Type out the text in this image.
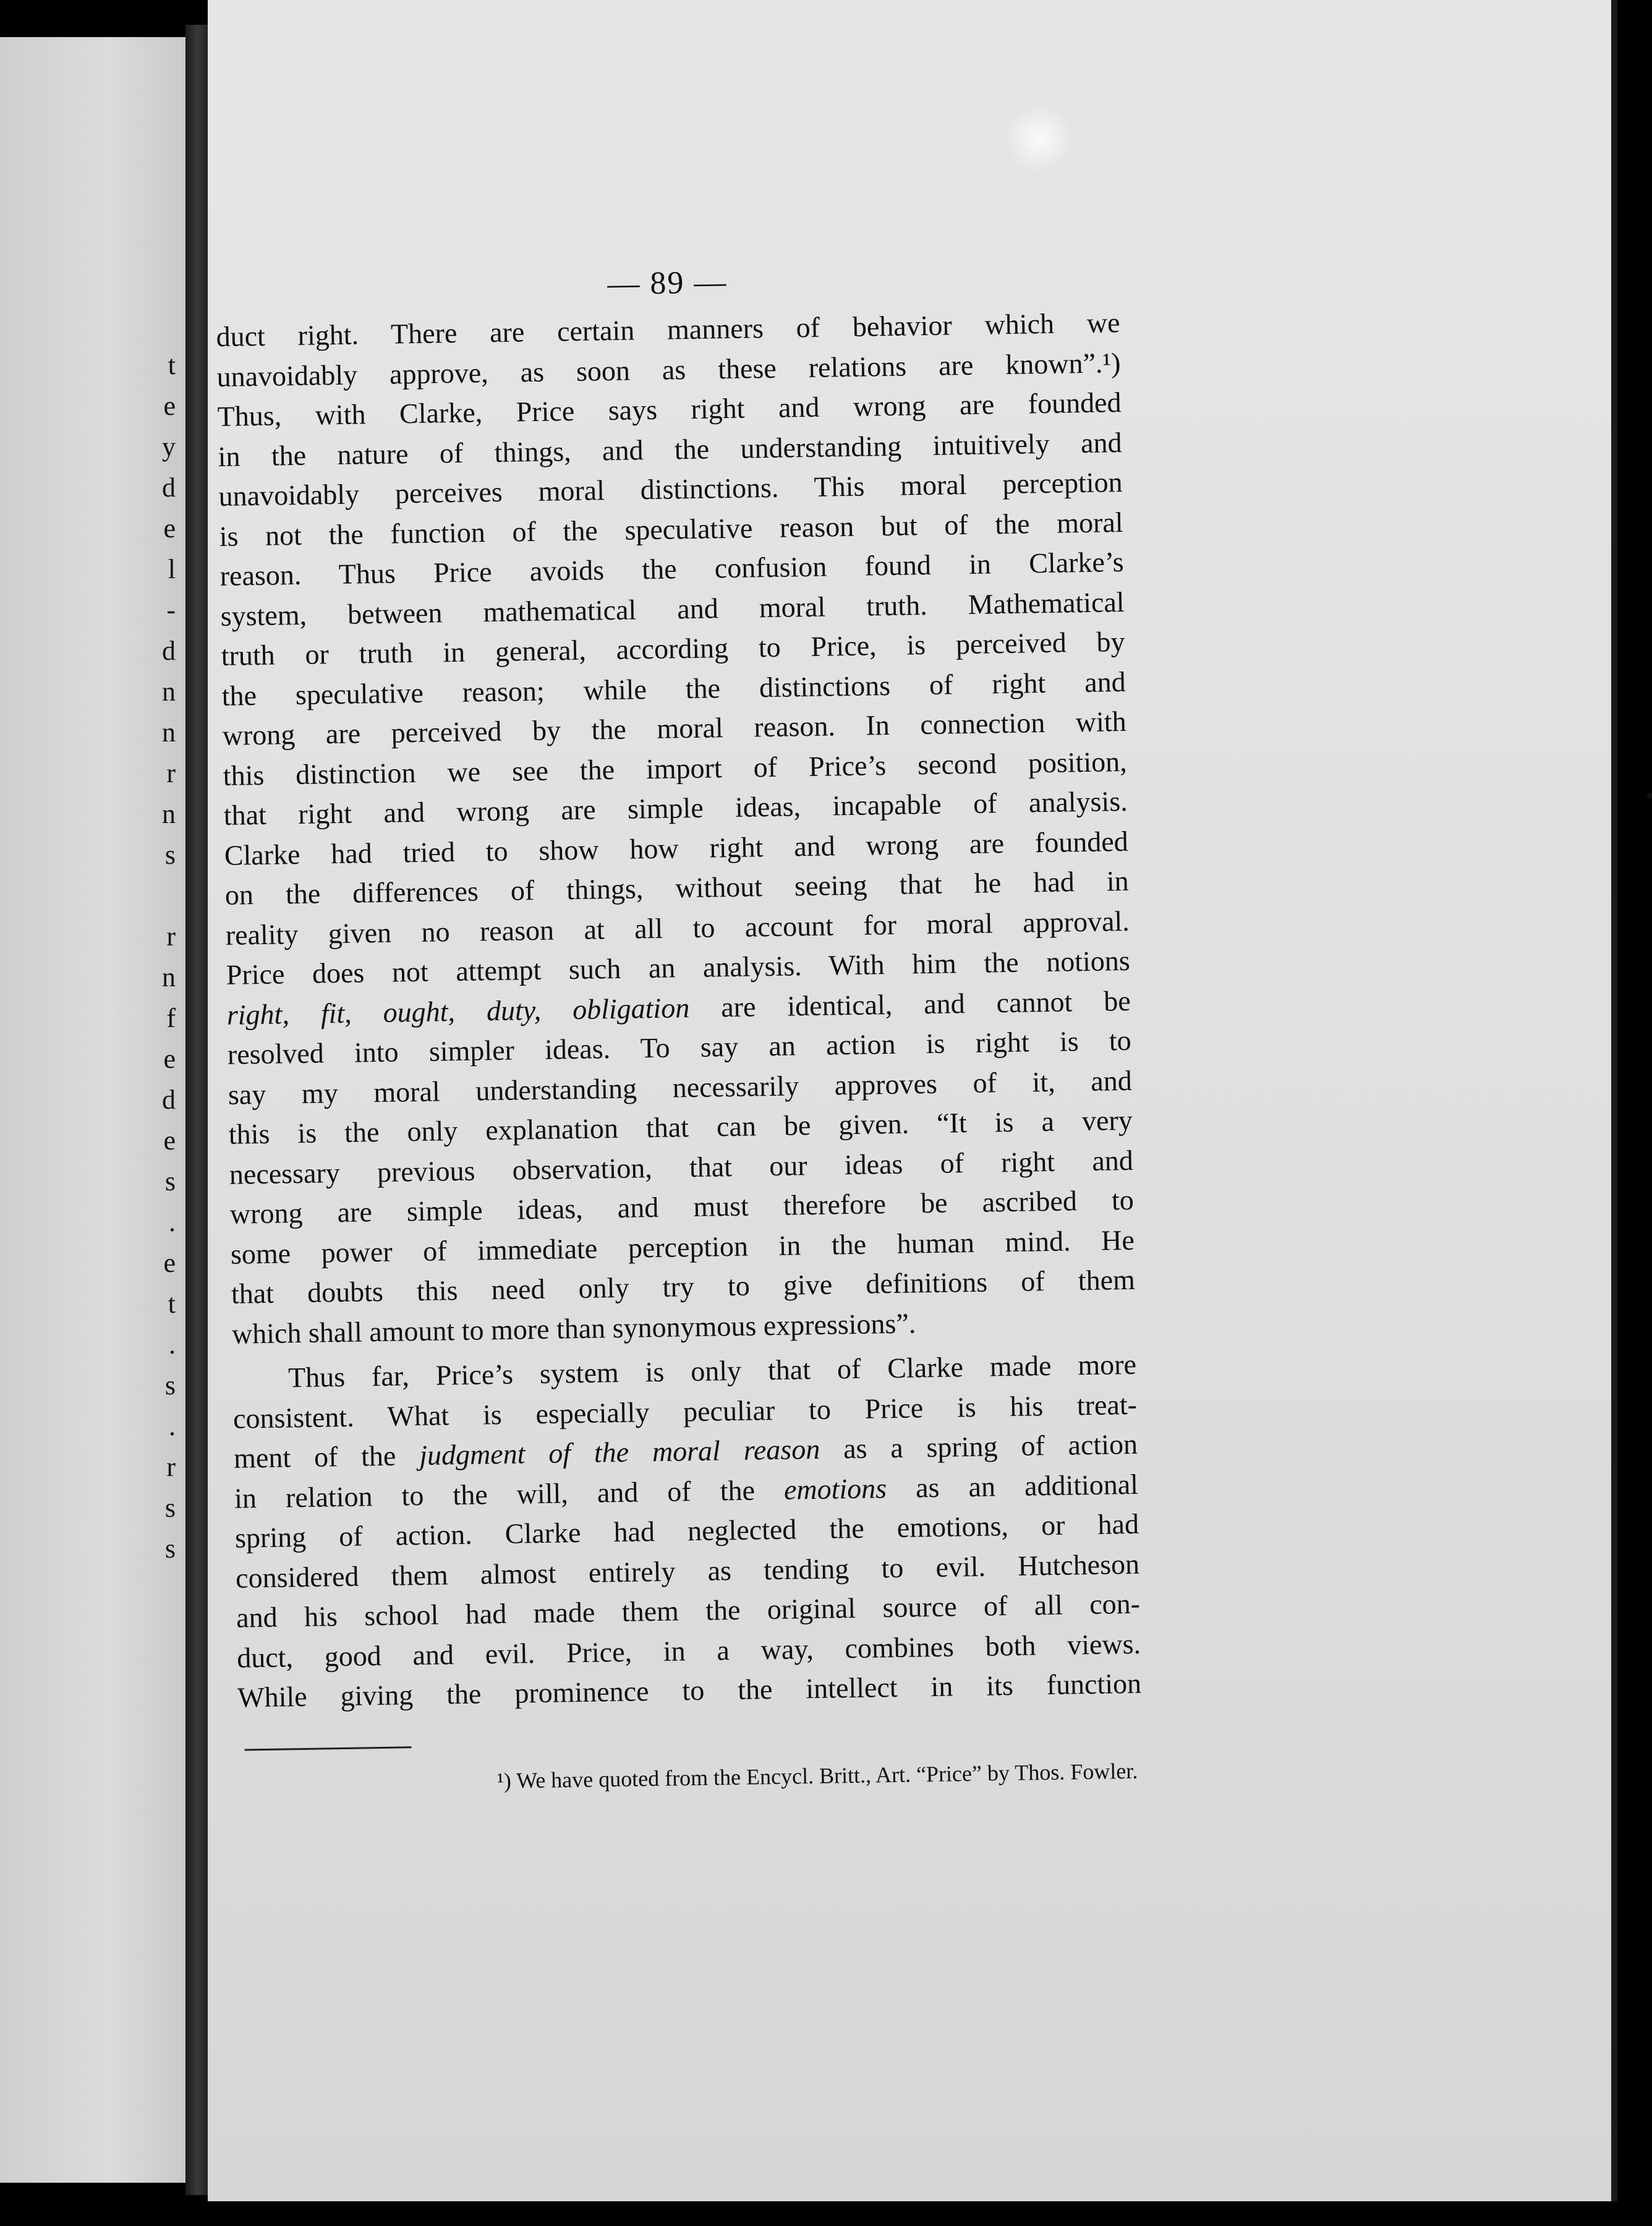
t
e
y
d
e
l
-
d
n
n
r
n
s
r
n
f
e
d
e
s
.
e
t
.
s
.
r
s
s
— 89 —

duct right. There are certain manners of behavior which we
unavoidably approve, as soon as these relations are known”.¹)
Thus, with Clarke, Price says right and wrong are founded
in the nature of things, and the understanding intuitively and
unavoidably perceives moral distinctions. This moral perception
is not the function of the speculative reason but of the moral
reason. Thus Price avoids the confusion found in Clarke’s
system, between mathematical and moral truth. Mathematical
truth or truth in general, according to Price, is perceived by
the speculative reason; while the distinctions of right and
wrong are perceived by the moral reason. In connection with
this distinction we see the import of Price’s second position,
that right and wrong are simple ideas, incapable of analysis.
Clarke had tried to show how right and wrong are founded
on the differences of things, without seeing that he had in
reality given no reason at all to account for moral approval.
Price does not attempt such an analysis. With him the notions
right, fit, ought, duty, obligation are identical, and cannot be
resolved into simpler ideas. To say an action is right is to
say my moral understanding necessarily approves of it, and
this is the only explanation that can be given. “It is a very
necessary previous observation, that our ideas of right and
wrong are simple ideas, and must therefore be ascribed to
some power of immediate perception in the human mind. He
that doubts this need only try to give definitions of them
which shall amount to more than synonymous expressions”.

Thus far, Price’s system is only that of Clarke made more
consistent. What is especially peculiar to Price is his treat-
ment of the judgment of the moral reason as a spring of action
in relation to the will, and of the emotions as an additional
spring of action. Clarke had neglected the emotions, or had
considered them almost entirely as tending to evil. Hutcheson
and his school had made them the original source of all con-
duct, good and evil. Price, in a way, combines both views.
While giving the prominence to the intellect in its function

¹) We have quoted from the Encycl. Britt., Art. “Price” by Thos. Fowler.
